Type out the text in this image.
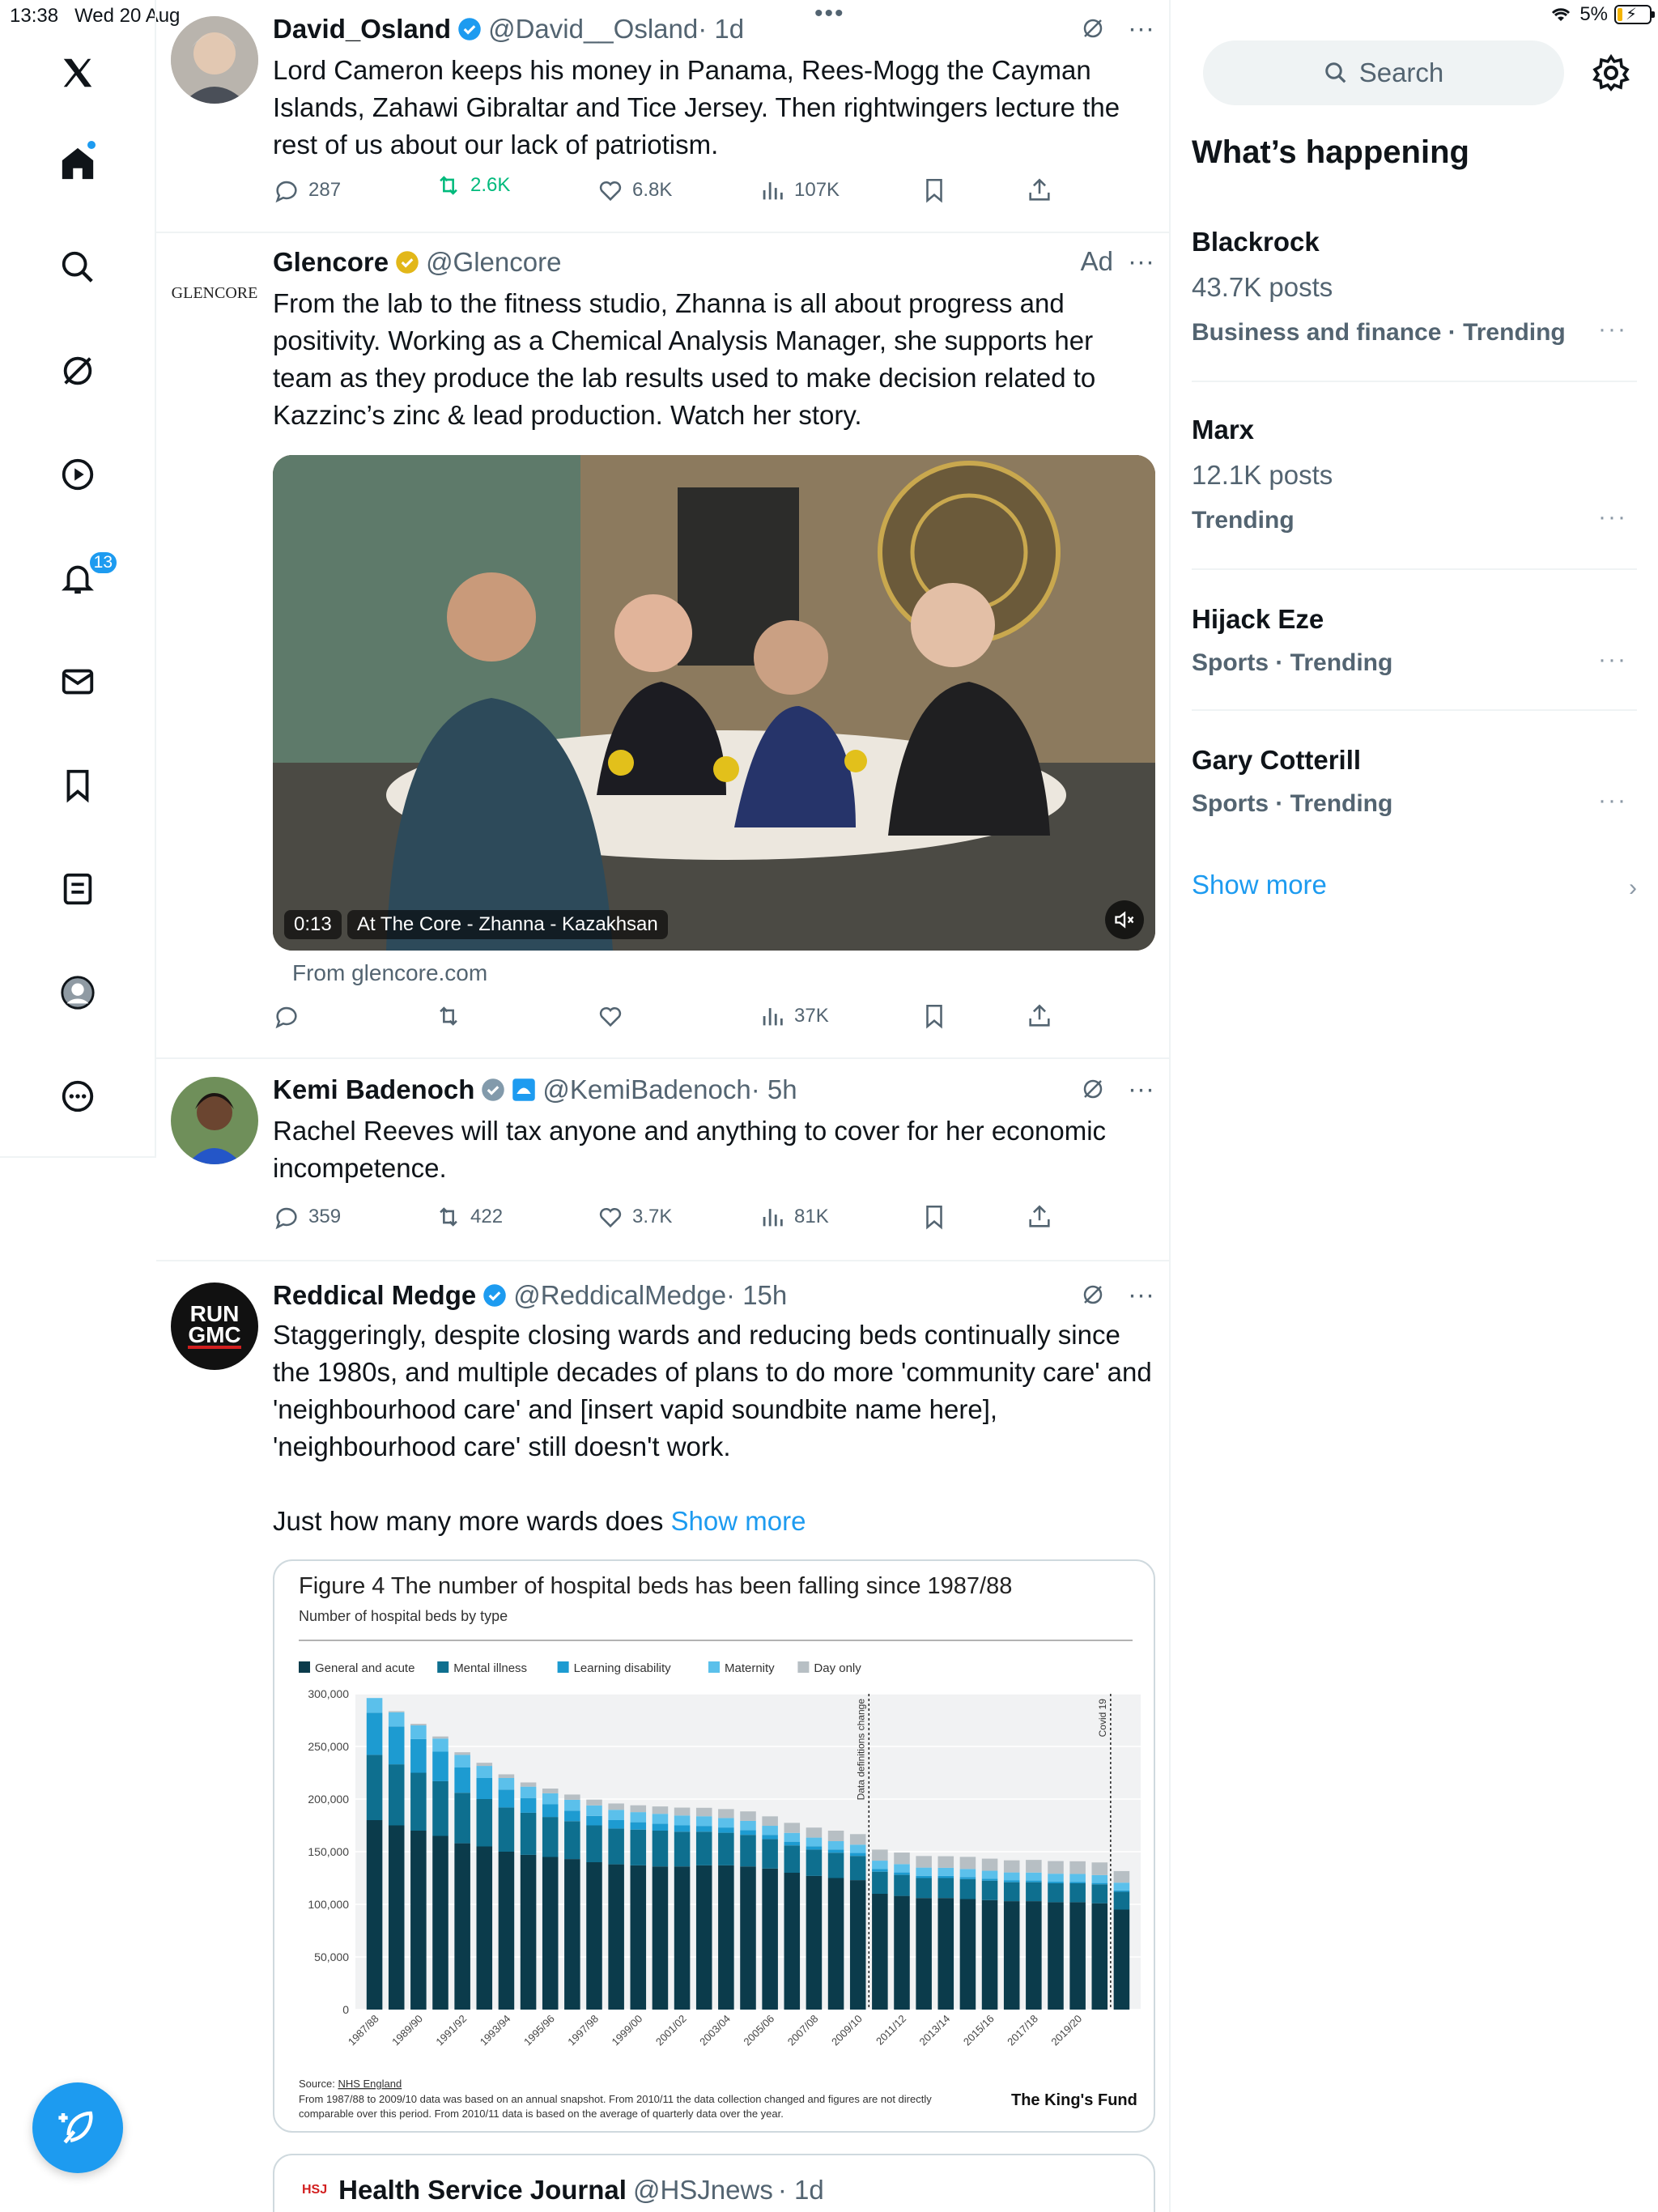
13:38 Wed 20 Aug	•••	5% ⚡
13
David_Osland @David__Osland · 1d	···
Lord Cameron keeps his money in Panama, Rees-Mogg the Cayman Islands, Zahawi Gibraltar and Tice Jersey. Then rightwingers lecture the rest of us about our lack of patriotism.
287	2.6K	6.8K	107K
GLENCORE
Glencore @Glencore	Ad ···
From the lab to the fitness studio, Zhanna is all about progress and positivity. Working as a Chemical Analysis Manager, she supports her team as they produce the lab results used to make decision related to Kazzinc’s zinc & lead production. Watch her story.
0:13	At The Core - Zhanna - Kazakhsan
From glencore.com
37K
Kemi Badenoch	@KemiBadenoch · 5h	···
Rachel Reeves will tax anyone and anything to cover for her economic incompetence.
359	422	3.7K	81K
RUN
GMC
Reddical Medge @ReddicalMedge · 15h	···
Staggeringly, despite closing wards and reducing beds continually since the 1980s, and multiple decades of plans to do more 'community care' and 'neighbourhood care' and [insert vapid soundbite name here], 'neighbourhood care' still doesn't work.
Just how many more wards does Show more
Figure 4 The number of hospital beds has been falling since 1987/88
Number of hospital beds by type
General and acute	Mental illness	Learning disability	Maternity	Day only
300,000
250,000
200,000
150,000
100,000
50,000
0
1987/88 1989/90 1991/92 1993/94 1995/96 1997/98 1999/00 2001/02 2003/04 2005/06 2007/08 2009/10 2011/12 2013/14 2015/16 2017/18 2019/20
Data definitions change	Covid 19
Source: NHS England
From 1987/88 to 2009/10 data was based on an annual snapshot. From 2010/11 the data collection changed and figures are not directly comparable over this period. From 2010/11 data is based on the average of quarterly data over the year.
The King's Fund
HSJ Health Service Journal @HSJnews · 1d
Search
What’s happening
Blackrock
43.7K posts
Business and finance · Trending ···
Marx
12.1K posts
Trending	···
Hijack Eze
Sports · Trending	···
Gary Cotterill
Sports · Trending	···
Show more	›
